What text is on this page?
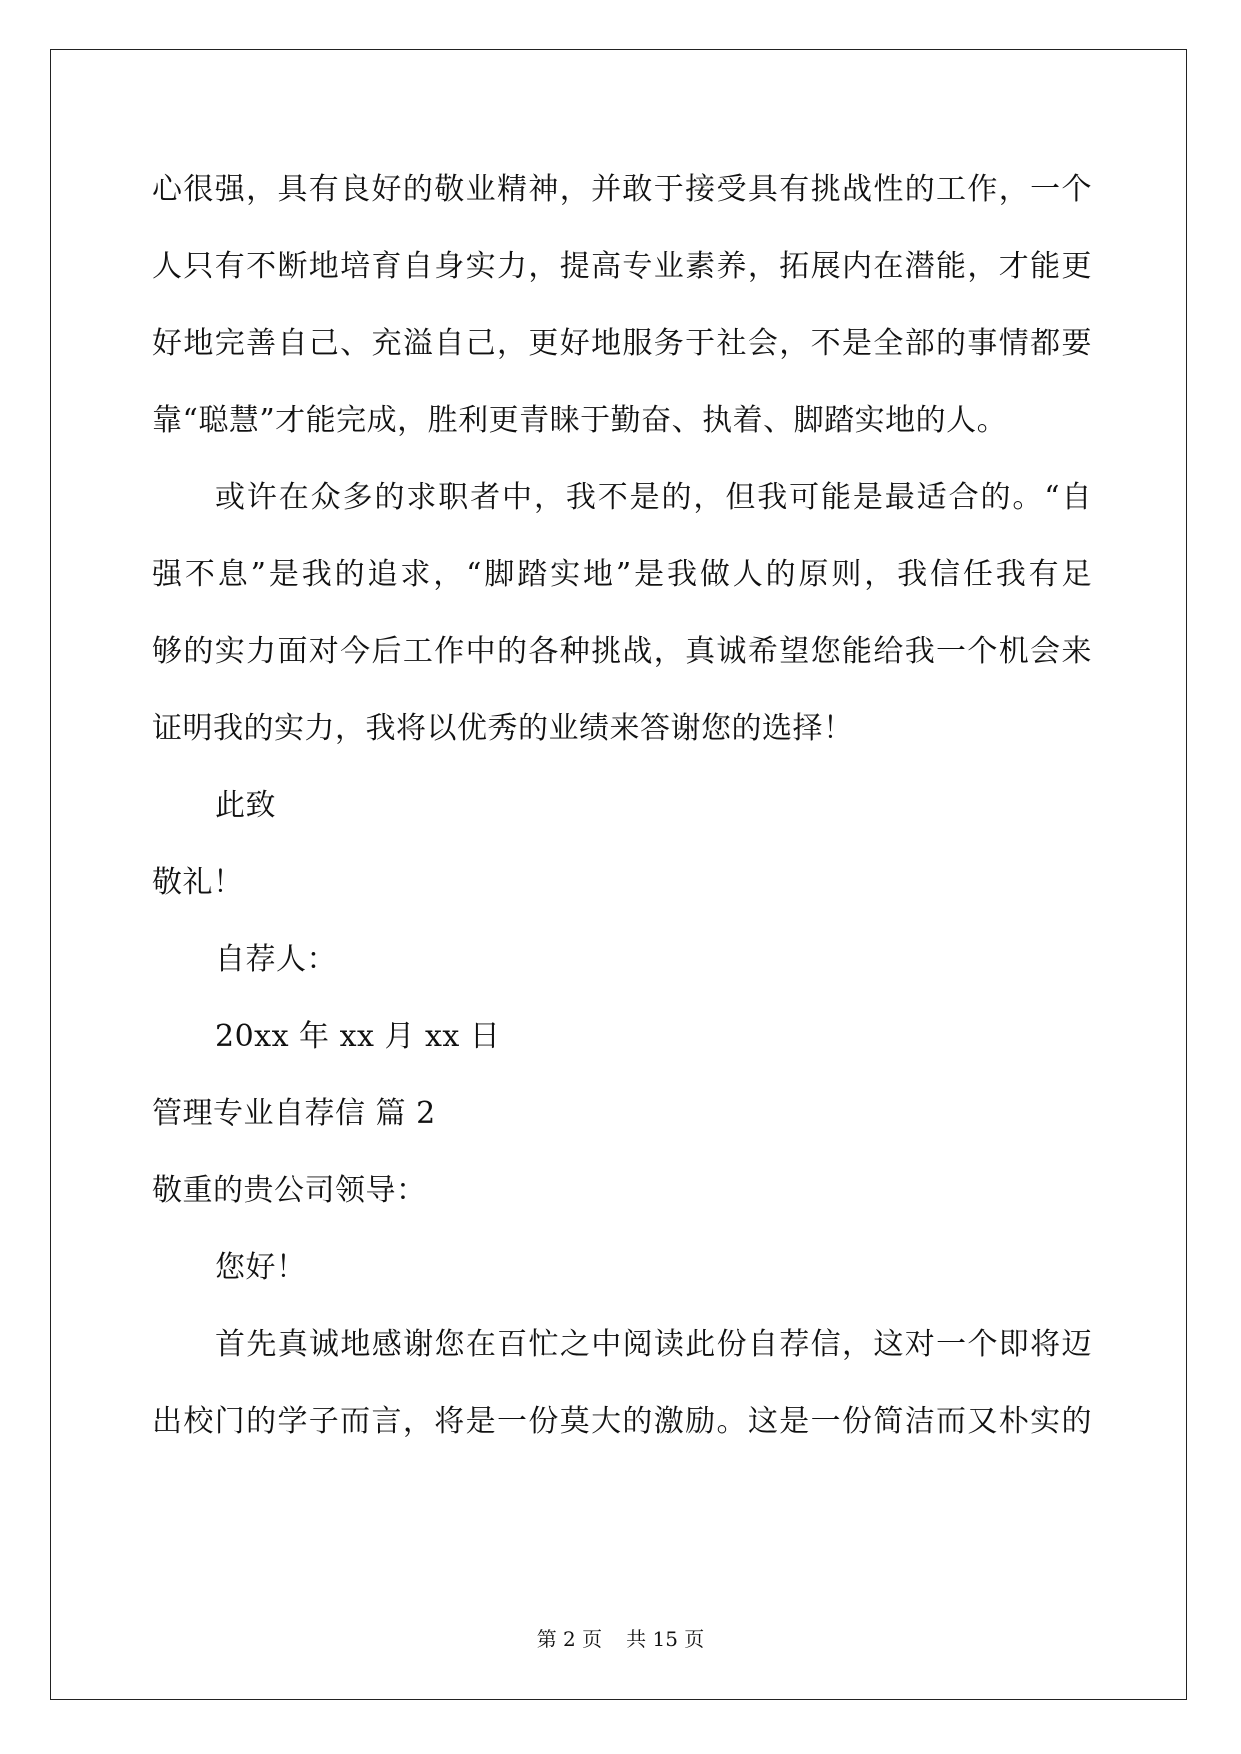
心很强，具有良好的敬业精神，并敢于接受具有挑战性的工作，一个
人只有不断地培育自身实力，提高专业素养，拓展内在潜能，才能更
好地完善自己、充溢自己，更好地服务于社会，不是全部的事情都要
靠“聪慧”才能完成，胜利更青睐于勤奋、执着、脚踏实地的人。
或许在众多的求职者中，我不是的，但我可能是最适合的。“自
强不息”是我的追求，“脚踏实地”是我做人的原则，我信任我有足
够的实力面对今后工作中的各种挑战，真诚希望您能给我一个机会来
证明我的实力，我将以优秀的业绩来答谢您的选择！
此致
敬礼！
自荐人：
20xx 年 xx 月 xx 日
管理专业自荐信 篇 2
敬重的贵公司领导：
您好！
首先真诚地感谢您在百忙之中阅读此份自荐信，这对一个即将迈
出校门的学子而言，将是一份莫大的激励。这是一份简洁而又朴实的
第 2 页 共 15 页
